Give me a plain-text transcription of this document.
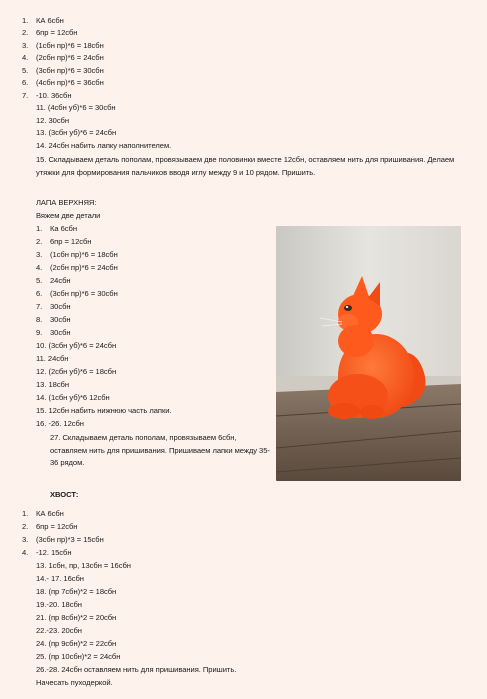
1. КА 6сбн
2. 6пр = 12сбн
3. (1сбн пр)*6 = 18сбн
4. (2сбн пр)*6 = 24сбн
5. (3сбн пр)*6 = 30сбн
6. (4сбн пр)*6 = 36сбн
7. -10. 36сбн
11. (4сбн уб)*6 = 30сбн
12. 30сбн
13. (3сбн уб)*6 = 24сбн
14. 24сбн набить лапку наполнителем.
15. Складываем деталь пополам, провязываем две половинки вместе 12сбн, оставляем нить для пришивания. Делаем утяжки для формирования пальчиков вводя иглу между 9 и 10 рядом. Пришить.
ЛАПА ВЕРХНЯЯ:
Вяжем две детали
1. Ка 6сбн
2. 6пр = 12сбн
3. (1сбн пр)*6 = 18сбн
4. (2сбн пр)*6 = 24сбн
5. 24сбн
6. (3сбн пр)*6 = 30сбн
7. 30сбн
8. 30сбн
9. 30сбн
10. (3сбн уб)*6 = 24сбн
11. 24сбн
12. (2сбн уб)*6 = 18сбн
13. 18сбн
14. (1сбн уб)*6 12сбн
15. 12сбн набить нижнюю часть лапки.
16. -26. 12сбн
27. Складываем деталь пополам, провязываем 6сбн, оставляем нить для пришивания. Пришиваем лапки между 35-36 рядом.
ХВОСТ:
1. КА 6сбн
2. 6пр = 12сбн
3. (3сбн пр)*3 = 15сбн
4. -12. 15сбн
13. 1сбн, пр, 13сбн = 16сбн
14.- 17. 16сбн
18. (пр 7сбн)*2 = 18сбн
19.-20. 18сбн
21. (пр 8сбн)*2 = 20сбн
22.-23. 20сбн
24. (пр 9сбн)*2 = 22сбн
25. (пр 10сбн)*2 = 24сбн
26.-28. 24сбн оставляем нить для пришивания. Пришить.
Начесать пуходеркой.
